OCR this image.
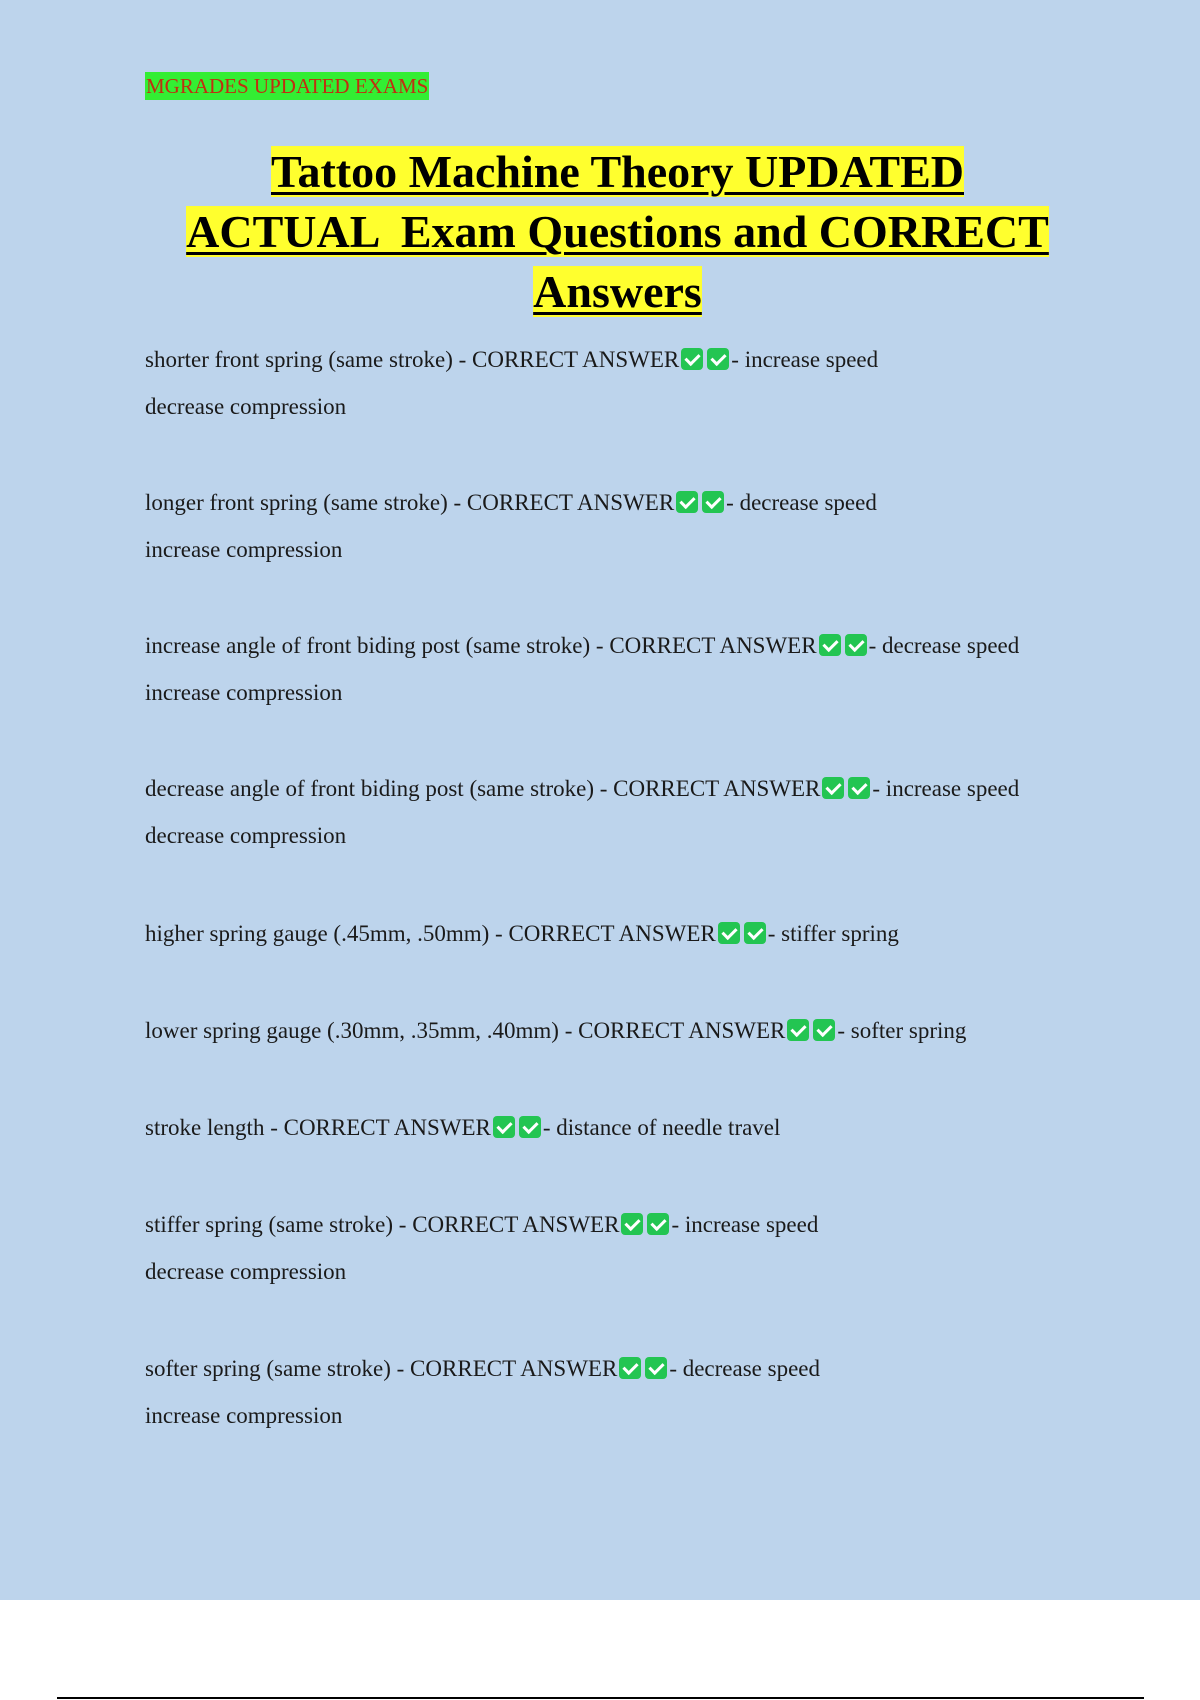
MGRADES UPDATED EXAMS
Tattoo Machine Theory UPDATED
ACTUAL  Exam Questions and CORRECT
Answers
shorter front spring (same stroke) - CORRECT ANSWER - increase speed
decrease compression
longer front spring (same stroke) - CORRECT ANSWER - decrease speed
increase compression
increase angle of front biding post (same stroke) - CORRECT ANSWER - decrease speed
increase compression
decrease angle of front biding post (same stroke) - CORRECT ANSWER - increase speed
decrease compression
higher spring gauge (.45mm, .50mm) - CORRECT ANSWER - stiffer spring
lower spring gauge (.30mm, .35mm, .40mm) - CORRECT ANSWER - softer spring
stroke length - CORRECT ANSWER - distance of needle travel
stiffer spring (same stroke) - CORRECT ANSWER - increase speed
decrease compression
softer spring (same stroke) - CORRECT ANSWER - decrease speed
increase compression
